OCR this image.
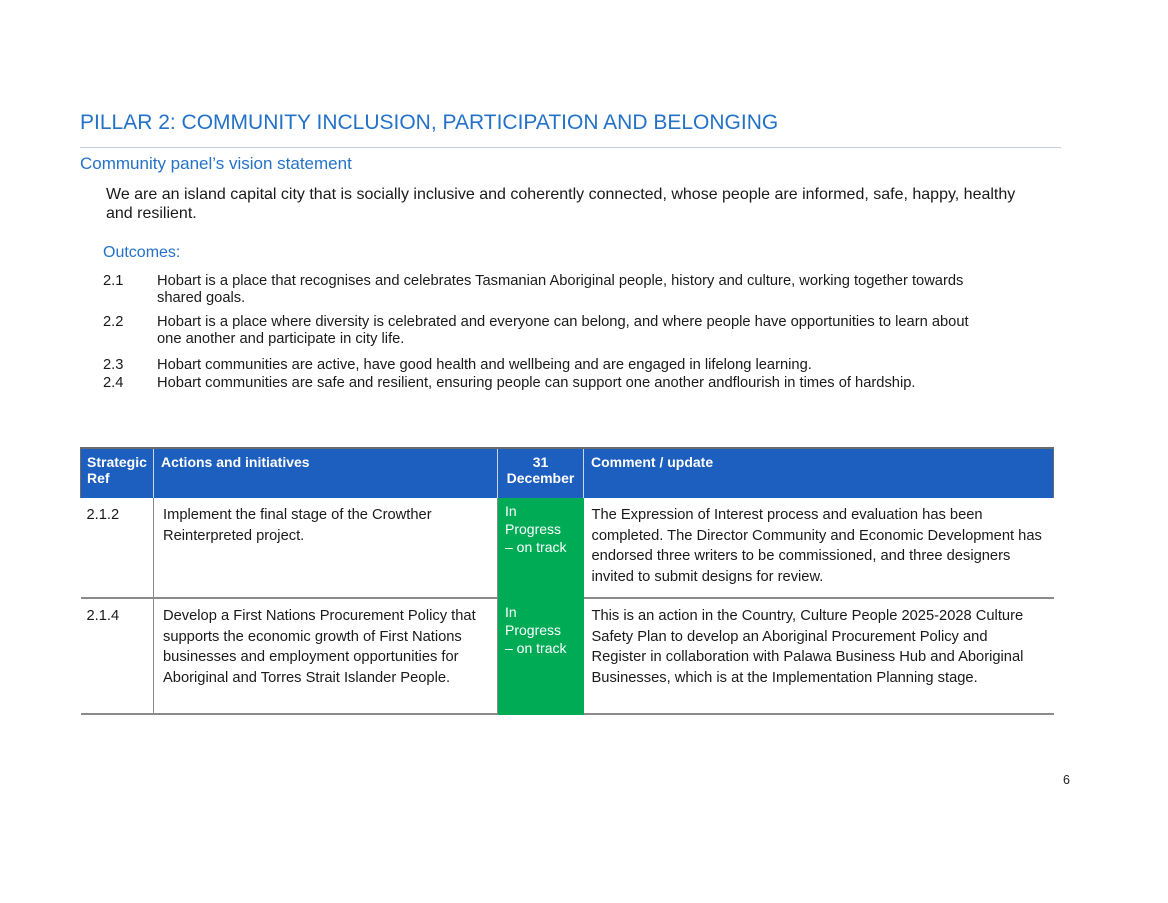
PILLAR 2: COMMUNITY INCLUSION, PARTICIPATION AND BELONGING
Community panel’s vision statement

We are an island capital city that is socially inclusive and coherently connected, whose people are informed, safe, happy, healthy and resilient.

Outcomes:
2.1	Hobart is a place that recognises and celebrates Tasmanian Aboriginal people, history and culture, working together towards shared goals.
2.2	Hobart is a place where diversity is celebrated and everyone can belong, and where people have opportunities to learn about one another and participate in city life.
2.3	Hobart communities are active, have good health and wellbeing and are engaged in lifelong learning.
2.4	Hobart communities are safe and resilient, ensuring people can support one another andflourish in times of hardship.
Strategic Ref	Actions and initiatives	31 December	Comment / update
2.1.2	Implement the final stage of the Crowther Reinterpreted project.	In Progress – on track	The Expression of Interest process and evaluation has been completed. The Director Community and Economic Development has endorsed three writers to be commissioned, and three designers invited to submit designs for review.
2.1.4	Develop a First Nations Procurement Policy that supports the economic growth of First Nations businesses and employment opportunities for Aboriginal and Torres Strait Islander People.	In Progress – on track	This is an action in the Country, Culture People 2025-2028 Culture Safety Plan to develop an Aboriginal Procurement Policy and Register in collaboration with Palawa Business Hub and Aboriginal Businesses, which is at the Implementation Planning stage.
6
